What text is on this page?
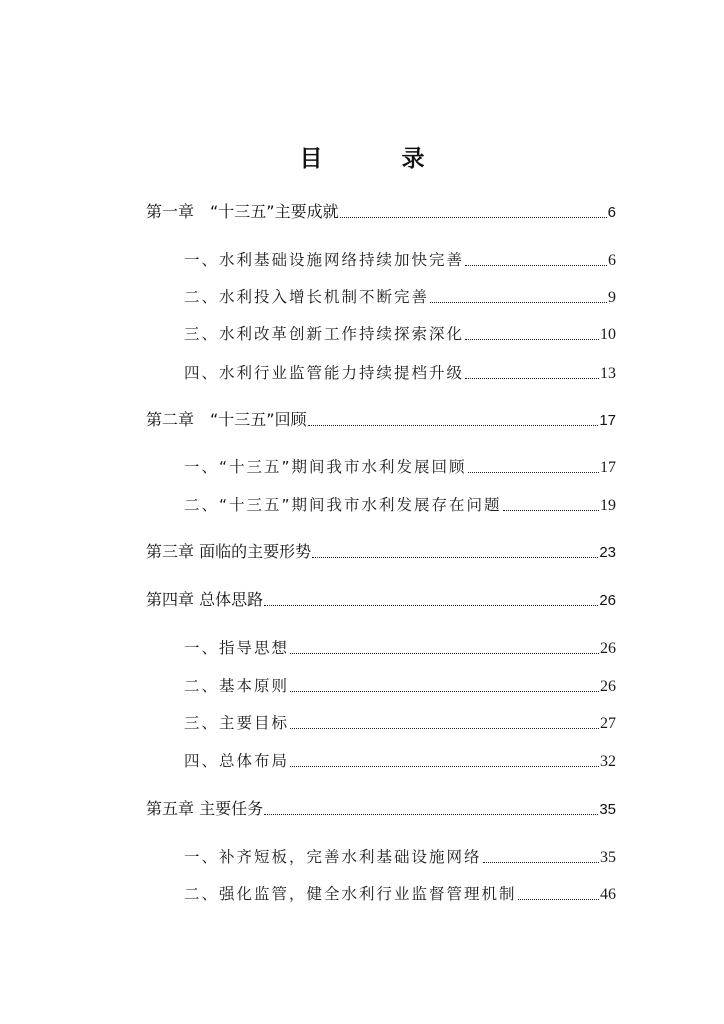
目　录
第一章　“十三五”主要成就	6
一、水利基础设施网络持续加快完善	6
二、水利投入增长机制不断完善	9
三、水利改革创新工作持续探索深化	10
四、水利行业监管能力持续提档升级	13
第二章　“十三五”回顾	17
一、“十三五”期间我市水利发展回顾	17
二、“十三五”期间我市水利发展存在问题	19
第三章 面临的主要形势	23
第四章 总体思路	26
一、指导思想	26
二、基本原则	26
三、主要目标	27
四、总体布局	32
第五章 主要任务	35
一、补齐短板，完善水利基础设施网络	35
二、强化监管，健全水利行业监督管理机制	46
